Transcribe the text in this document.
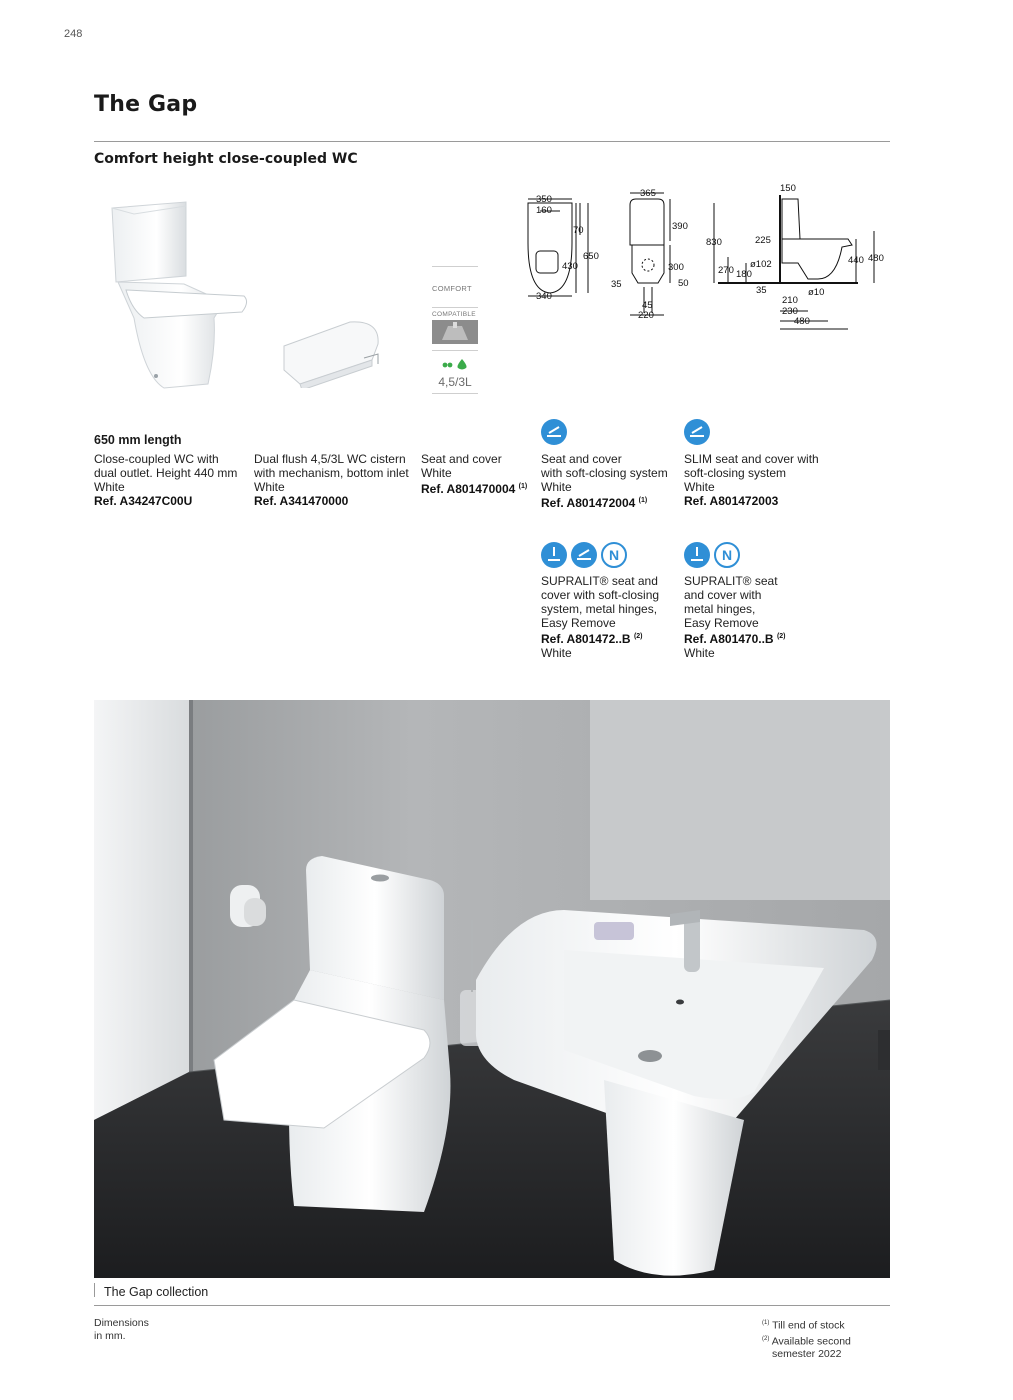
248
The Gap
Comfort height close-coupled WC
COMFORT
COMPATIBLE
4,5/3L
350
160
70
650
430
340
365
390
300
35	50
45
220
150
225
830
440 480
270 180
ø102
35	ø10
210
230
480
650 mm length
Close-coupled WC with
dual outlet. Height 440 mm
White
Ref. A34247C00U
Dual flush 4,5/3L WC cistern
with mechanism, bottom inlet
White
Ref. A341470000
Seat and cover
White
Ref. A801470004 $^{(1)}$
Seat and cover
with soft-closing system
White
Ref. A801472004 $^{(1)}$
SLIM seat and cover with
soft-closing system
White
Ref. A801472003
N	N
SUPRALIT® seat and
cover with soft-closing
system, metal hinges,
Easy Remove
Ref. A801472..B $^{(2)}$
White
SUPRALIT® seat
and cover with
metal hinges,
Easy Remove
Ref. A801470..B $^{(2)}$
White
The Gap collection
Dimensions
in mm.
$^{(1)}$ Till end of stock
$^{(2)}$ Available second
semester 2022
